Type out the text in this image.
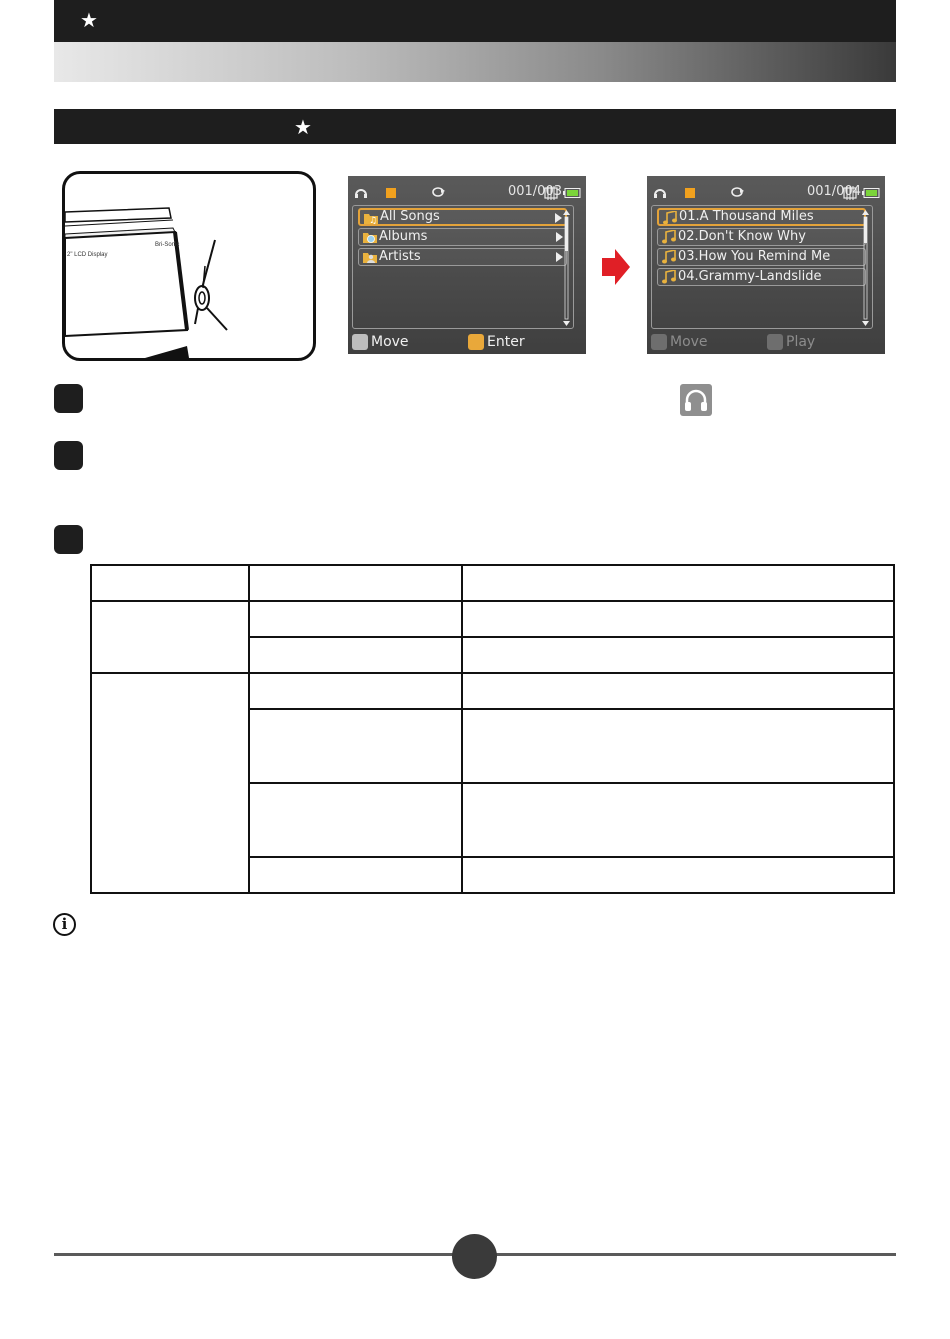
★
★
2" LCD Display
Bri-Sonic
001/003
♫ All Songs
Albums
Artists
Move	Enter
001/004
01.A Thousand Miles
02.Don't Know Why
03.How You Remind Me
04.Grammy-Landslide
Move	Play

i
